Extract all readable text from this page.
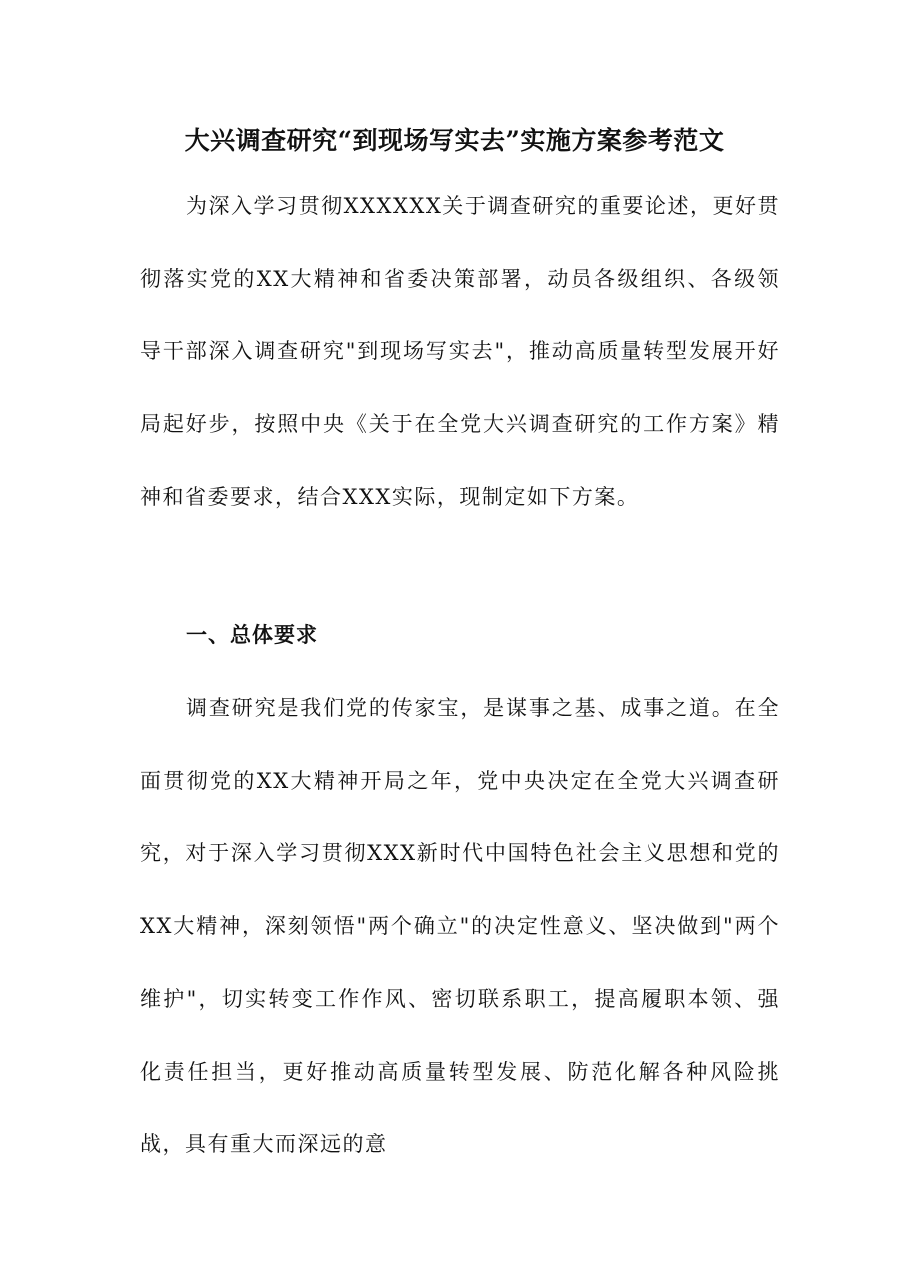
大兴调查研究“到现场写实去”实施方案参考范文

为深入学习贯彻XXXXXX关于调查研究的重要论述，更好贯彻落实党的XX大精神和省委决策部署，动员各级组织、各级领导干部深入调查研究"到现场写实去"，推动高质量转型发展开好局起好步，按照中央《关于在全党大兴调查研究的工作方案》精神和省委要求，结合XXX实际，现制定如下方案。

一、总体要求

调查研究是我们党的传家宝，是谋事之基、成事之道。在全面贯彻党的XX大精神开局之年，党中央决定在全党大兴调查研究，对于深入学习贯彻XXX新时代中国特色社会主义思想和党的XX大精神，深刻领悟"两个确立"的决定性意义、坚决做到"两个维护"，切实转变工作作风、密切联系职工，提高履职本领、强化责任担当，更好推动高质量转型发展、防范化解各种风险挑战，具有重大而深远的意
